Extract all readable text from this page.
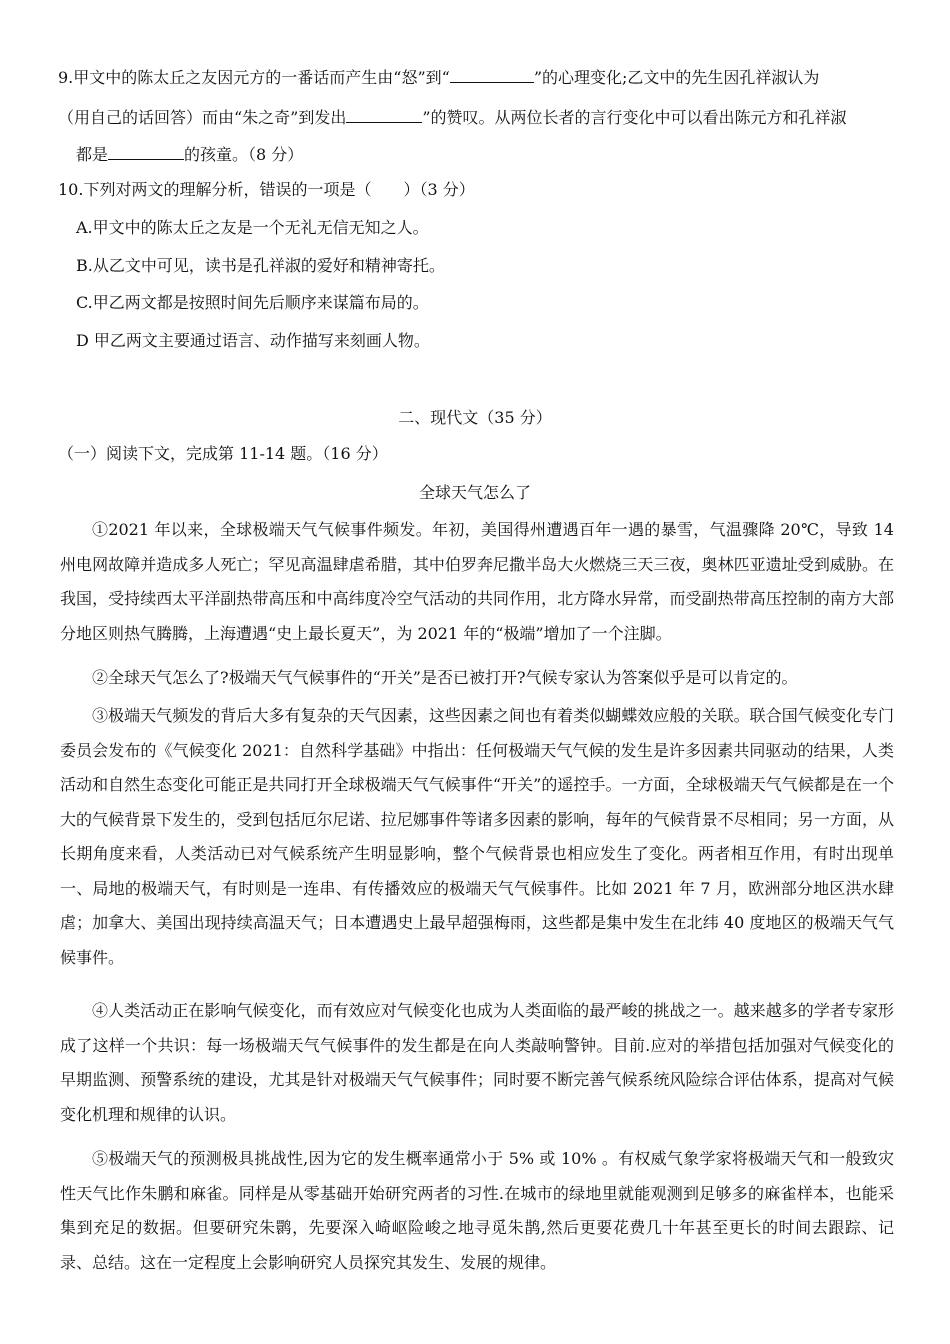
9.甲文中的陈太丘之友因元方的一番话而产生由“怒”到“	”的心理变化;乙文中的先生因孔祥淑认为
（用自己的话回答）而由“朱之奇”到发出	”的赞叹。从两位长者的言行变化中可以看出陈元方和孔祥淑
都是	的孩童。（8 分）
10.下列对两文的理解分析，错误的一项是（　　）（3 分）
A.甲文中的陈太丘之友是一个无礼无信无知之人。
B.从乙文中可见，读书是孔祥淑的爱好和精神寄托。
C.甲乙两文都是按照时间先后顺序来谋篇布局的。
D 甲乙两文主要通过语言、动作描写来刻画人物。
二、现代文（35 分）
（一）阅读下文，完成第 11-14 题。（16 分）
全球天气怎么了
①2021 年以来，全球极端天气气候事件频发。年初，美国得州遭遇百年一遇的暴雪，气温骤降 20℃，导致 14 州电网故障并造成多人死亡；罕见高温肆虐希腊，其中伯罗奔尼撒半岛大火燃烧三天三夜，奥林匹亚遗址受到威胁。在我国，受持续西太平洋副热带高压和中高纬度冷空气活动的共同作用，北方降水异常，而受副热带高压控制的南方大部分地区则热气腾腾，上海遭遇“史上最长夏天”，为 2021 年的“极端”增加了一个注脚。
②全球天气怎么了?极端天气气候事件的“开关”是否已被打开?气候专家认为答案似乎是可以肯定的。
③极端天气频发的背后大多有复杂的天气因素，这些因素之间也有着类似蝴蝶效应般的关联。联合国气候变化专门委员会发布的《气候变化 2021：自然科学基础》中指出：任何极端天气气候的发生是许多因素共同驱动的结果，人类活动和自然生态变化可能正是共同打开全球极端天气气候事件“开关”的遥控手。一方面，全球极端天气气候都是在一个大的气候背景下发生的，受到包括厄尔尼诺、拉尼娜事件等诸多因素的影响，每年的气候背景不尽相同；另一方面，从长期角度来看，人类活动已对气候系统产生明显影响，整个气候背景也相应发生了变化。两者相互作用，有时出现单一、局地的极端天气，有时则是一连串、有传播效应的极端天气气候事件。比如 2021 年 7 月，欧洲部分地区洪水肆虐；加拿大、美国出现持续高温天气；日本遭遇史上最早超强梅雨，这些都是集中发生在北纬 40 度地区的极端天气气候事件。
④人类活动正在影响气候变化，而有效应对气候变化也成为人类面临的最严峻的挑战之一。越来越多的学者专家形成了这样一个共识：每一场极端天气气候事件的发生都是在向人类敲响警钟。目前.应对的举措包括加强对气候变化的早期监测、预警系统的建设，尤其是针对极端天气气候事件；同时要不断完善气候系统风险综合评估体系，提高对气候变化机理和规律的认识。
⑤极端天气的预测极具挑战性,因为它的发生概率通常小于 5% 或 10% 。有权威气象学家将极端天气和一般致灾性天气比作朱鹏和麻雀。同样是从零基础开始研究两者的习性.在城市的绿地里就能观测到足够多的麻雀样本，也能采集到充足的数据。但要研究朱鹮，先要深入崎岖险峻之地寻觅朱鹊,然后更要花费几十年甚至更长的时间去跟踪、记录、总结。这在一定程度上会影响研究人员探究其发生、发展的规律。
